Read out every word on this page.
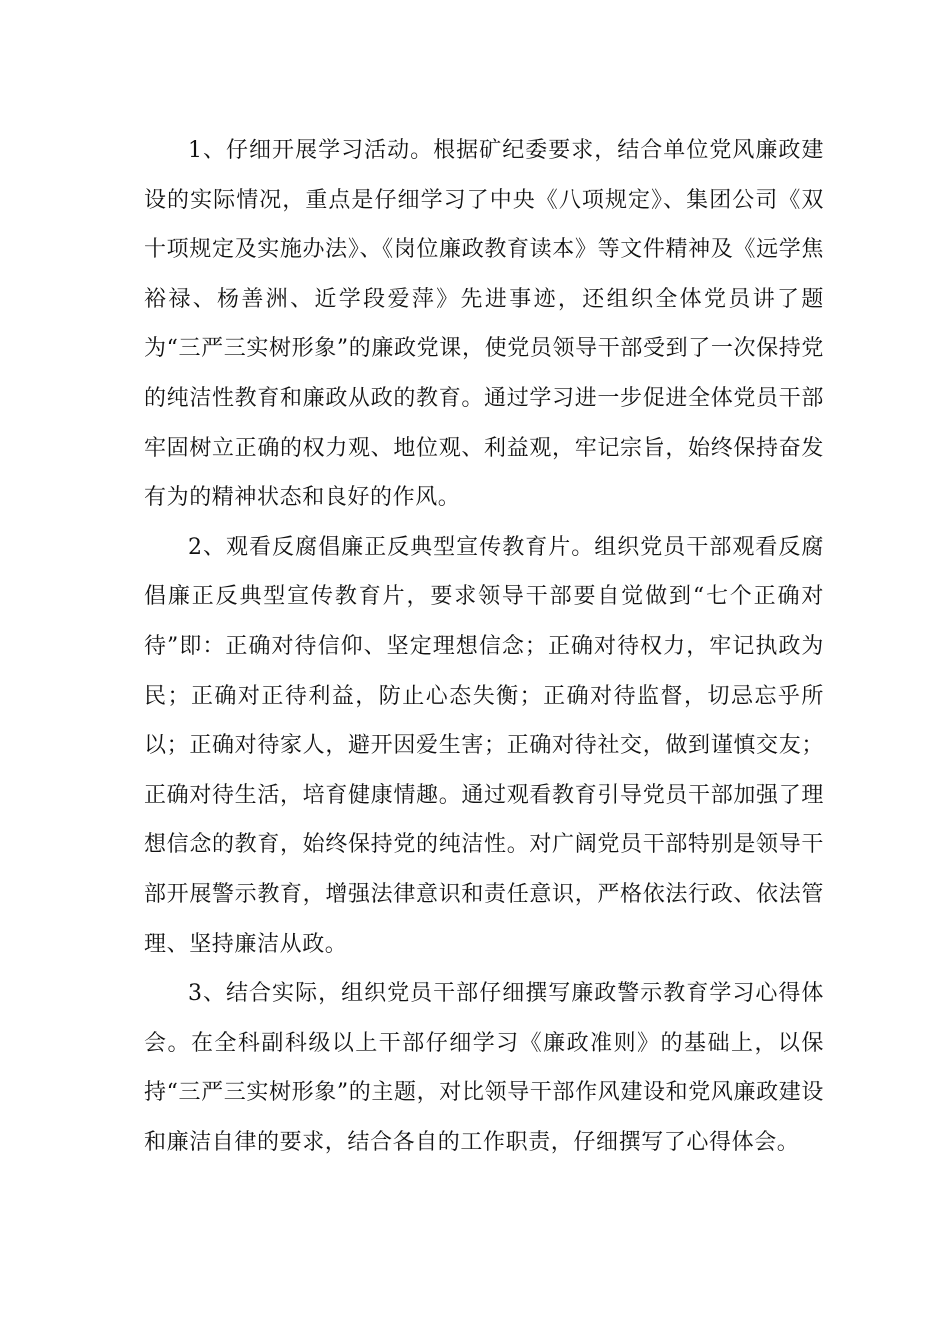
1、仔细开展学习活动。根据矿纪委要求，结合单位党风廉政建设的实际情况，重点是仔细学习了中央《八项规定》、集团公司《双十项规定及实施办法》、《岗位廉政教育读本》等文件精神及《远学焦裕禄、杨善洲、近学段爱萍》先进事迹，还组织全体党员讲了题为“三严三实树形象”的廉政党课，使党员领导干部受到了一次保持党的纯洁性教育和廉政从政的教育。通过学习进一步促进全体党员干部牢固树立正确的权力观、地位观、利益观，牢记宗旨，始终保持奋发有为的精神状态和良好的作风。

2、观看反腐倡廉正反典型宣传教育片。组织党员干部观看反腐倡廉正反典型宣传教育片，要求领导干部要自觉做到“七个正确对待”即：正确对待信仰、坚定理想信念；正确对待权力，牢记执政为民；正确对正待利益，防止心态失衡；正确对待监督，切忌忘乎所以；正确对待家人，避开因爱生害；正确对待社交，做到谨慎交友；正确对待生活，培育健康情趣。通过观看教育引导党员干部加强了理想信念的教育，始终保持党的纯洁性。对广阔党员干部特别是领导干部开展警示教育，增强法律意识和责任意识，严格依法行政、依法管理、坚持廉洁从政。

3、结合实际，组织党员干部仔细撰写廉政警示教育学习心得体会。在全科副科级以上干部仔细学习《廉政准则》的基础上，以保持“三严三实树形象”的主题，对比领导干部作风建设和党风廉政建设和廉洁自律的要求，结合各自的工作职责，仔细撰写了心得体会。
